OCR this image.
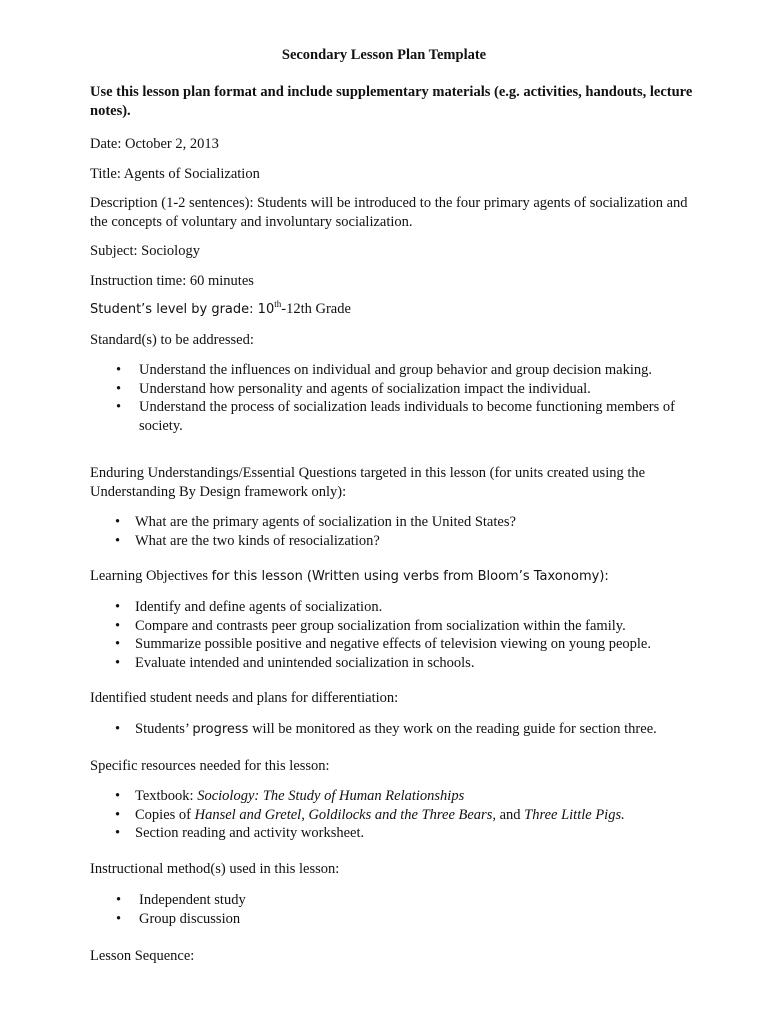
Secondary Lesson Plan Template

Use this lesson plan format and include supplementary materials (e.g. activities, handouts, lecture notes).

Date: October 2, 2013

Title: Agents of Socialization

Description (1-2 sentences): Students will be introduced to the four primary agents of socialization and the concepts of voluntary and involuntary socialization.

Subject: Sociology

Instruction time: 60 minutes

Student’s level by grade: 10th-12th Grade

Standard(s) to be addressed:

• Understand the influences on individual and group behavior and group decision making.
• Understand how personality and agents of socialization impact the individual.
• Understand the process of socialization leads individuals to become functioning members of society.

Enduring Understandings/Essential Questions targeted in this lesson (for units created using the Understanding By Design framework only):

• What are the primary agents of socialization in the United States?
• What are the two kinds of resocialization?

Learning Objectives for this lesson (Written using verbs from Bloom’s Taxonomy):

• Identify and define agents of socialization.
• Compare and contrasts peer group socialization from socialization within the family.
• Summarize possible positive and negative effects of television viewing on young people.
• Evaluate intended and unintended socialization in schools.

Identified student needs and plans for differentiation:

• Students’ progress will be monitored as they work on the reading guide for section three.

Specific resources needed for this lesson:

• Textbook: Sociology: The Study of Human Relationships
• Copies of Hansel and Gretel, Goldilocks and the Three Bears, and Three Little Pigs.
• Section reading and activity worksheet.

Instructional method(s) used in this lesson:

• Independent study
• Group discussion

Lesson Sequence:
